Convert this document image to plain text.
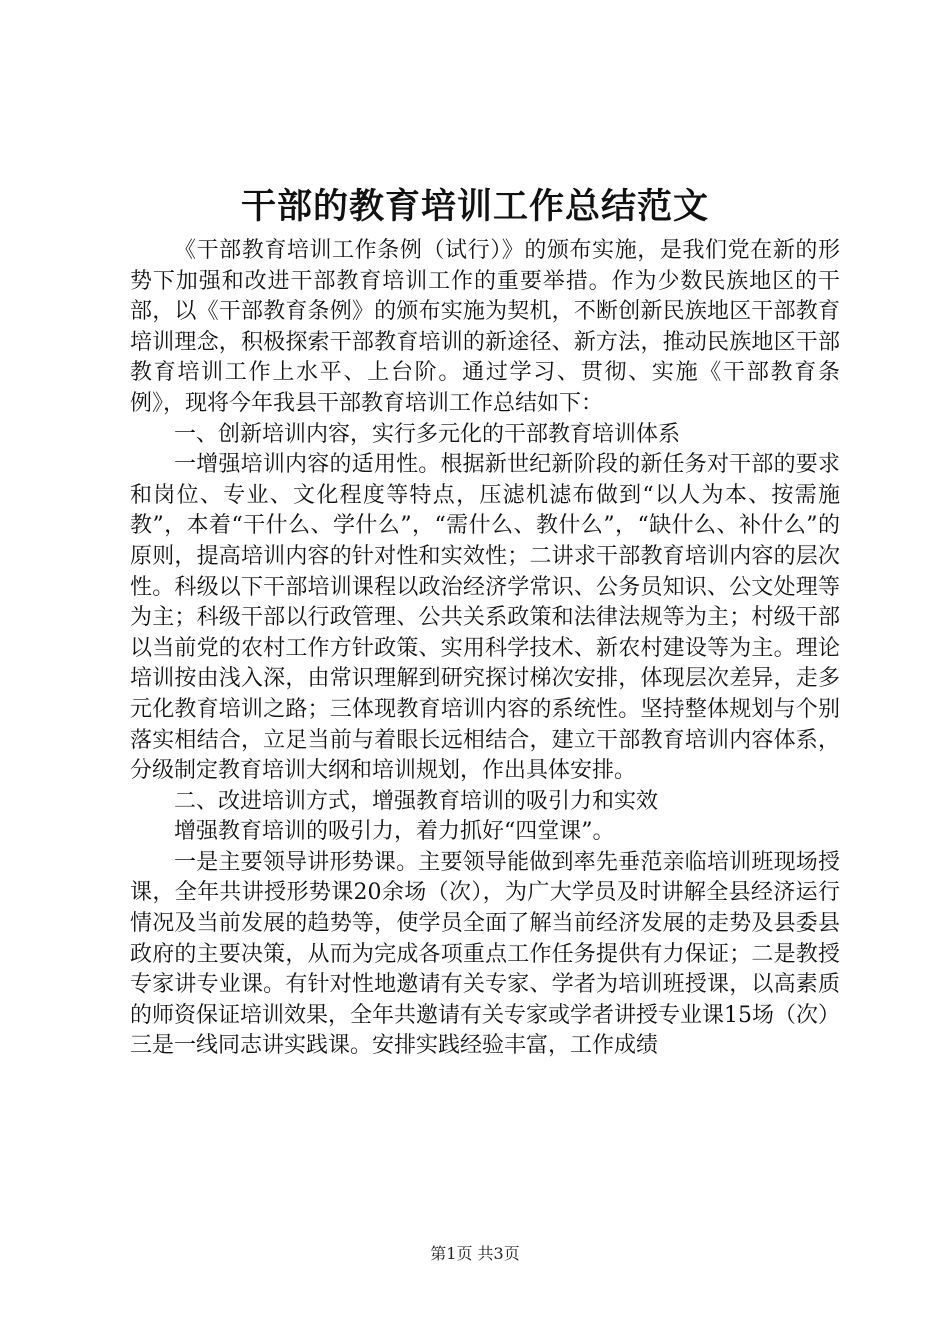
干部的教育培训工作总结范文

《干部教育培训工作条例（试行）》的颁布实施，是我们党在新的形势下加强和改进干部教育培训工作的重要举措。作为少数民族地区的干部，以《干部教育条例》的颁布实施为契机，不断创新民族地区干部教育培训理念，积极探索干部教育培训的新途径、新方法，推动民族地区干部教育培训工作上水平、上台阶。通过学习、贯彻、实施《干部教育条例》，现将今年我县干部教育培训工作总结如下：

一、创新培训内容，实行多元化的干部教育培训体系

一增强培训内容的适用性。根据新世纪新阶段的新任务对干部的要求和岗位、专业、文化程度等特点，压滤机滤布做到“以人为本、按需施教”，本着“干什么、学什么”，“需什么、教什么”，“缺什么、补什么”的原则，提高培训内容的针对性和实效性；二讲求干部教育培训内容的层次性。科级以下干部培训课程以政治经济学常识、公务员知识、公文处理等为主；科级干部以行政管理、公共关系政策和法律法规等为主；村级干部以当前党的农村工作方针政策、实用科学技术、新农村建设等为主。理论培训按由浅入深，由常识理解到研究探讨梯次安排，体现层次差异，走多元化教育培训之路；三体现教育培训内容的系统性。坚持整体规划与个别落实相结合，立足当前与着眼长远相结合，建立干部教育培训内容体系，分级制定教育培训大纲和培训规划，作出具体安排。

二、改进培训方式，增强教育培训的吸引力和实效

增强教育培训的吸引力，着力抓好“四堂课”。

一是主要领导讲形势课。主要领导能做到率先垂范亲临培训班现场授课，全年共讲授形势课20余场（次），为广大学员及时讲解全县经济运行情况及当前发展的趋势等，使学员全面了解当前经济发展的走势及县委县政府的主要决策，从而为完成各项重点工作任务提供有力保证；二是教授专家讲专业课。有针对性地邀请有关专家、学者为培训班授课，以高素质的师资保证培训效果，全年共邀请有关专家或学者讲授专业课15场（次）三是一线同志讲实践课。安排实践经验丰富，工作成绩

第1页 共3页
